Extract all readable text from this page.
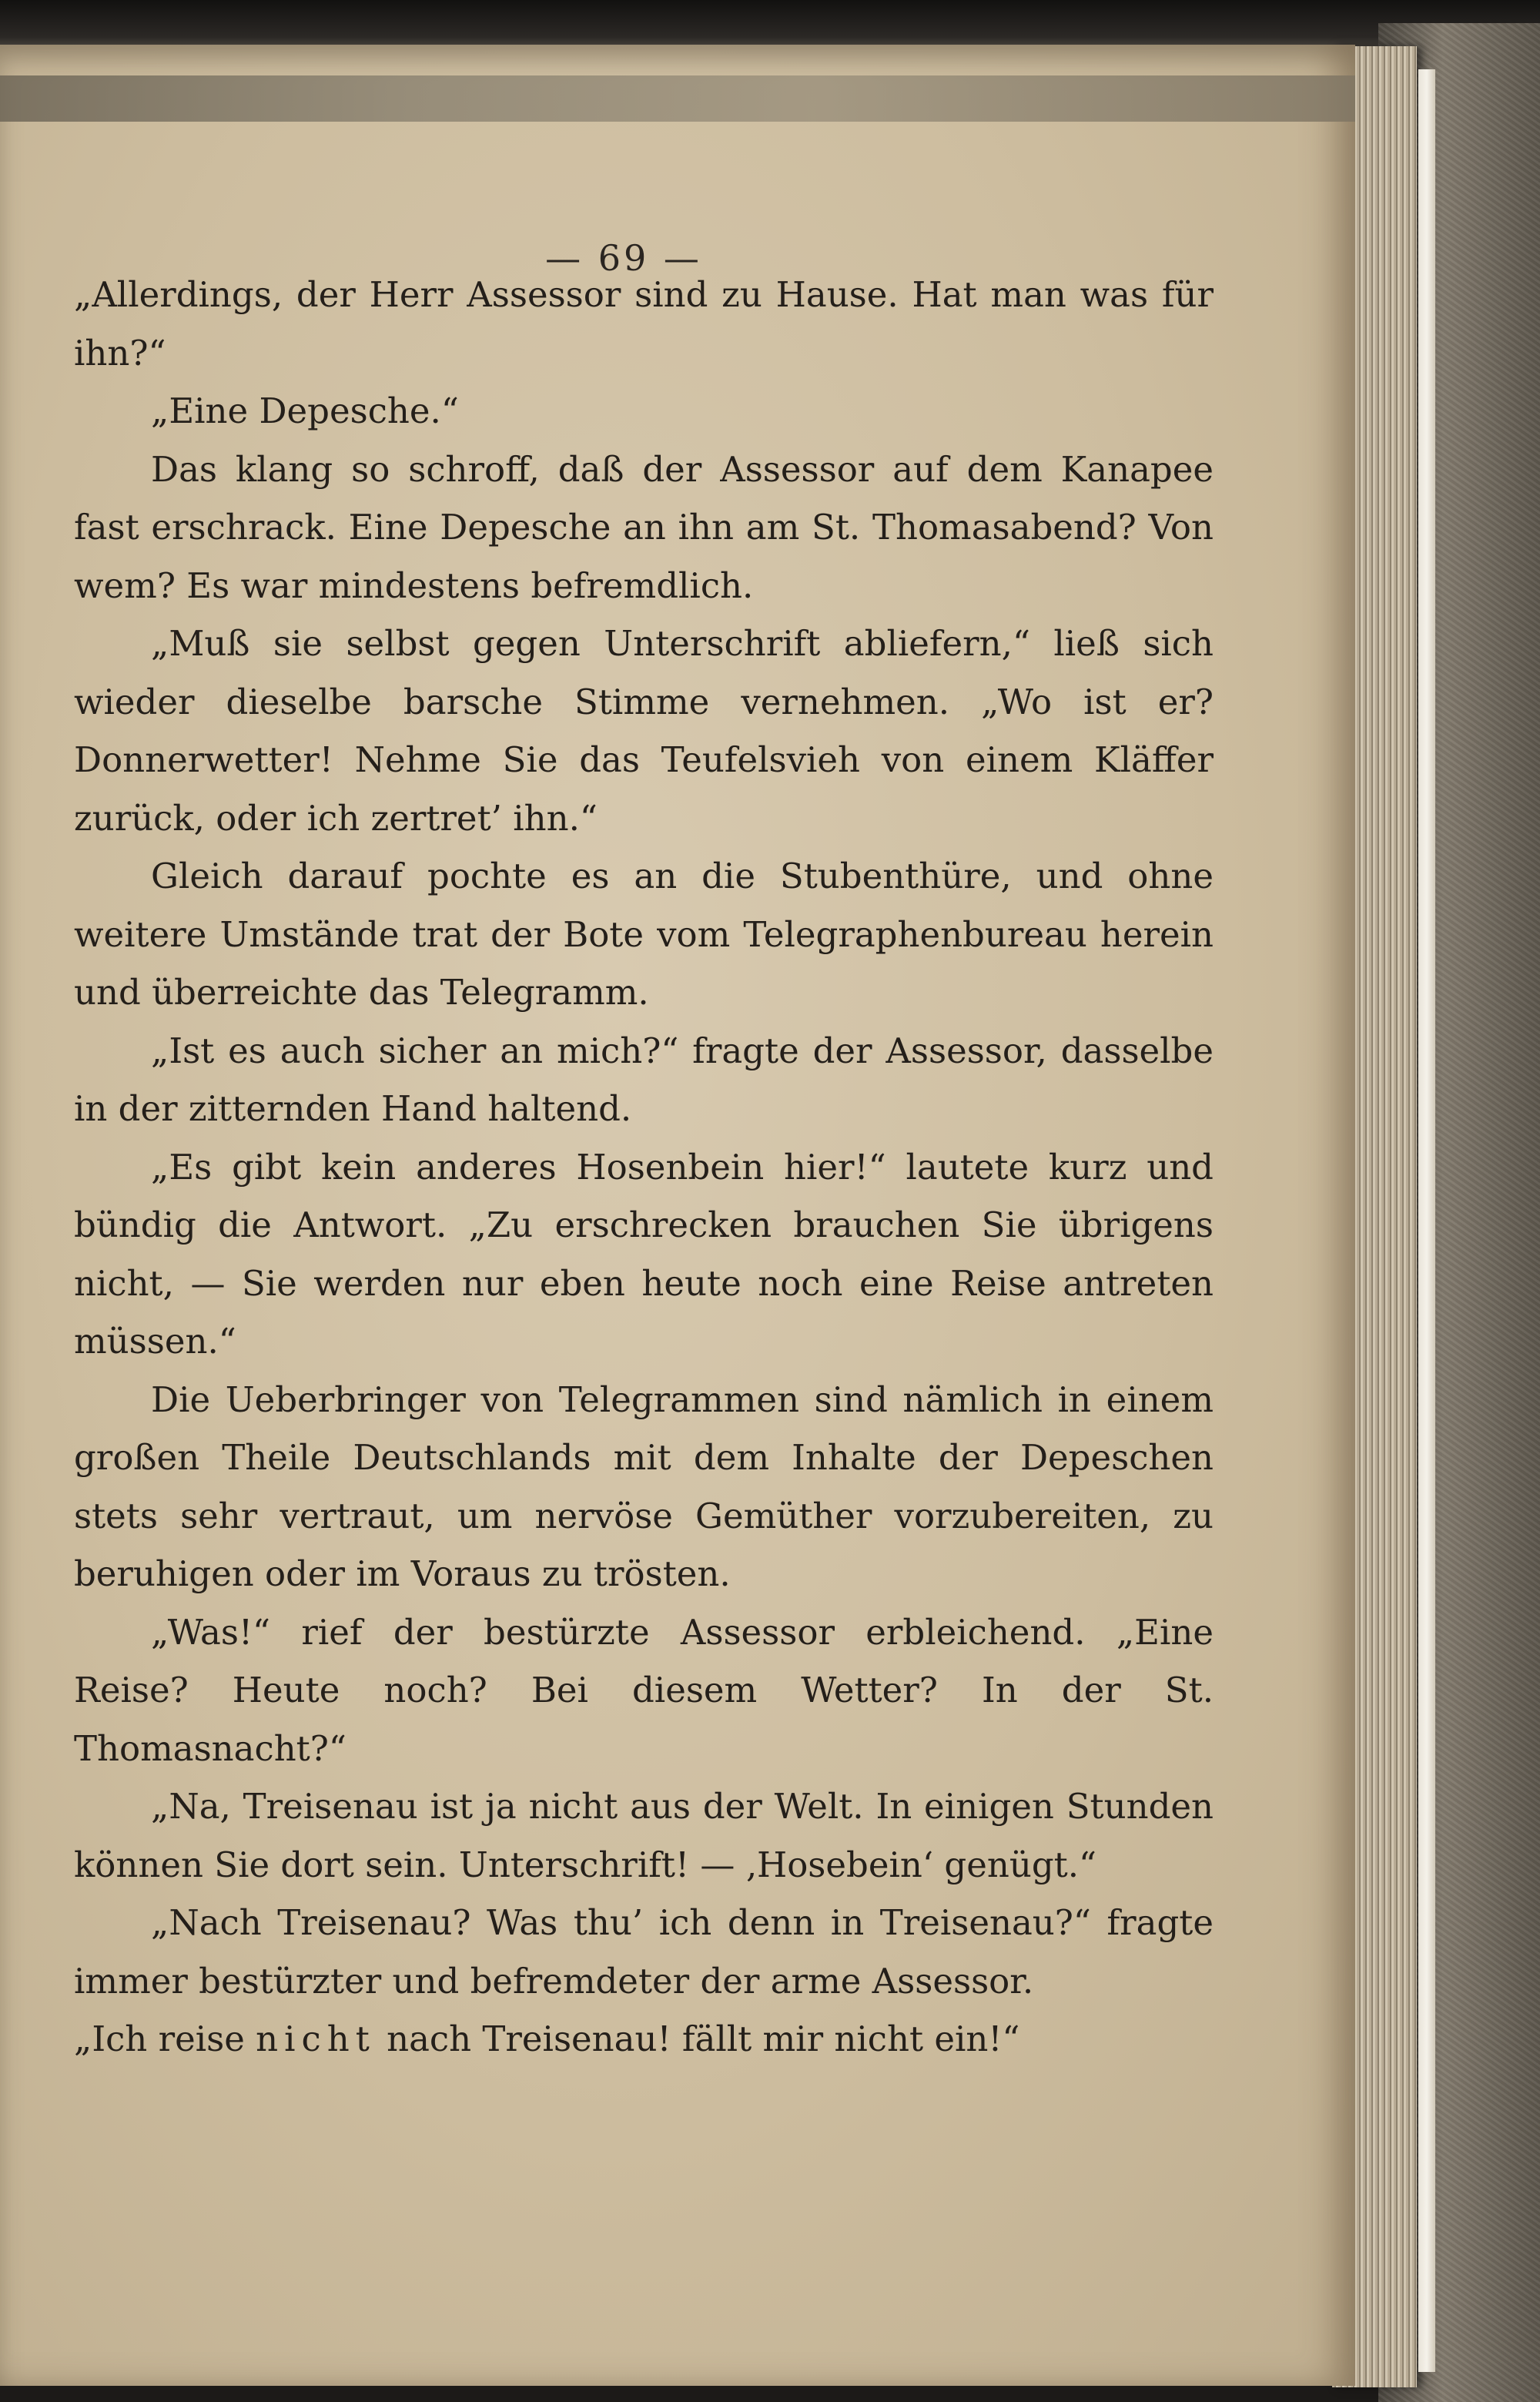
— 69 —

„Allerdings, der Herr Assessor sind zu Hause. Hat man was für ihn?“

„Eine Depesche.“

Das klang so schroff, daß der Assessor auf dem Kanapee fast erschrack. Eine Depesche an ihn am St. Thomasabend? Von wem? Es war mindestens befremdlich.

„Muß sie selbst gegen Unterschrift abliefern,“ ließ sich wieder dieselbe barsche Stimme vernehmen. „Wo ist er? Donnerwetter! Nehme Sie das Teufelsvieh von einem Kläffer zurück, oder ich zertret’ ihn.“

Gleich darauf pochte es an die Stubenthüre, und ohne weitere Umstände trat der Bote vom Telegraphenbureau herein und überreichte das Telegramm.

„Ist es auch sicher an mich?“ fragte der Assessor, dasselbe in der zitternden Hand haltend.

„Es gibt kein anderes Hosenbein hier!“ lautete kurz und bündig die Antwort. „Zu erschrecken brauchen Sie übrigens nicht, — Sie werden nur eben heute noch eine Reise antreten müssen.“

Die Ueberbringer von Telegrammen sind nämlich in einem großen Theile Deutschlands mit dem Inhalte der Depeschen stets sehr vertraut, um nervöse Gemüther vorzubereiten, zu beruhigen oder im Voraus zu trösten.

„Was!“ rief der bestürzte Assessor erbleichend. „Eine Reise? Heute noch? Bei diesem Wetter? In der St. Thomasnacht?“

„Na, Treisenau ist ja nicht aus der Welt. In einigen Stunden können Sie dort sein. Unterschrift! — ‚Hosebein‘ genügt.“

„Nach Treisenau? Was thu’ ich denn in Treisenau?“ fragte immer bestürzter und befremdeter der arme Assessor.

„Ich reise nicht nach Treisenau! fällt mir nicht ein!“
